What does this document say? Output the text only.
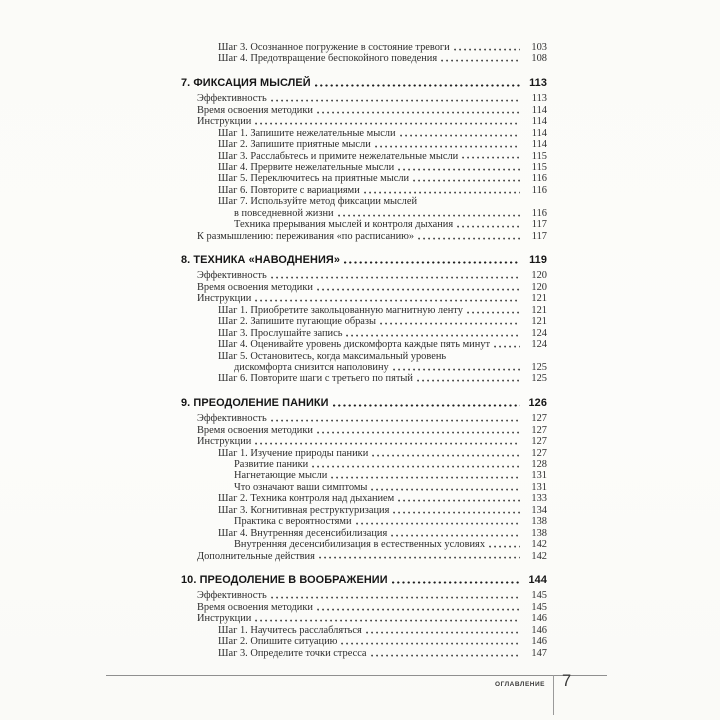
Шаг 3. Осознанное погружение в состояние тревоги	103
Шаг 4. Предотвращение беспокойного поведения	108
7. ФИКСАЦИЯ МЫСЛЕЙ	113
Эффективность	113
Время освоения методики	114
Инструкции	114
Шаг 1. Запишите нежелательные мысли	114
Шаг 2. Запишите приятные мысли	114
Шаг 3. Расслабьтесь и примите нежелательные мысли	115
Шаг 4. Прервите нежелательные мысли	115
Шаг 5. Переключитесь на приятные мысли	116
Шаг 6. Повторите с вариациями	116
Шаг 7. Используйте метод фиксации мыслей
в повседневной жизни	116
Техника прерывания мыслей и контроля дыхания	117
К размышлению: переживания «по расписанию»	117
8. ТЕХНИКА «НАВОДНЕНИЯ»	119
Эффективность	120
Время освоения методики	120
Инструкции	121
Шаг 1. Приобретите закольцованную магнитную ленту	121
Шаг 2. Запишите пугающие образы	121
Шаг 3. Прослушайте запись	124
Шаг 4. Оценивайте уровень дискомфорта каждые пять минут	124
Шаг 5. Остановитесь, когда максимальный уровень
дискомфорта снизится наполовину	125
Шаг 6. Повторите шаги с третьего по пятый	125
9. ПРЕОДОЛЕНИЕ ПАНИКИ	126
Эффективность	127
Время освоения методики	127
Инструкции	127
Шаг 1. Изучение природы паники	127
Развитие паники	128
Нагнетающие мысли	131
Что означают ваши симптомы	131
Шаг 2. Техника контроля над дыханием	133
Шаг 3. Когнитивная реструктуризация	134
Практика с вероятностями	138
Шаг 4. Внутренняя десенсибилизация	138
Внутренняя десенсибилизация в естественных условиях	142
Дополнительные действия	142
10. ПРЕОДОЛЕНИЕ В ВООБРАЖЕНИИ	144
Эффективность	145
Время освоения методики	145
Инструкции	146
Шаг 1. Научитесь расслабляться	146
Шаг 2. Опишите ситуацию	146
Шаг 3. Определите точки стресса	147
ОГЛАВЛЕНИЕ 7
